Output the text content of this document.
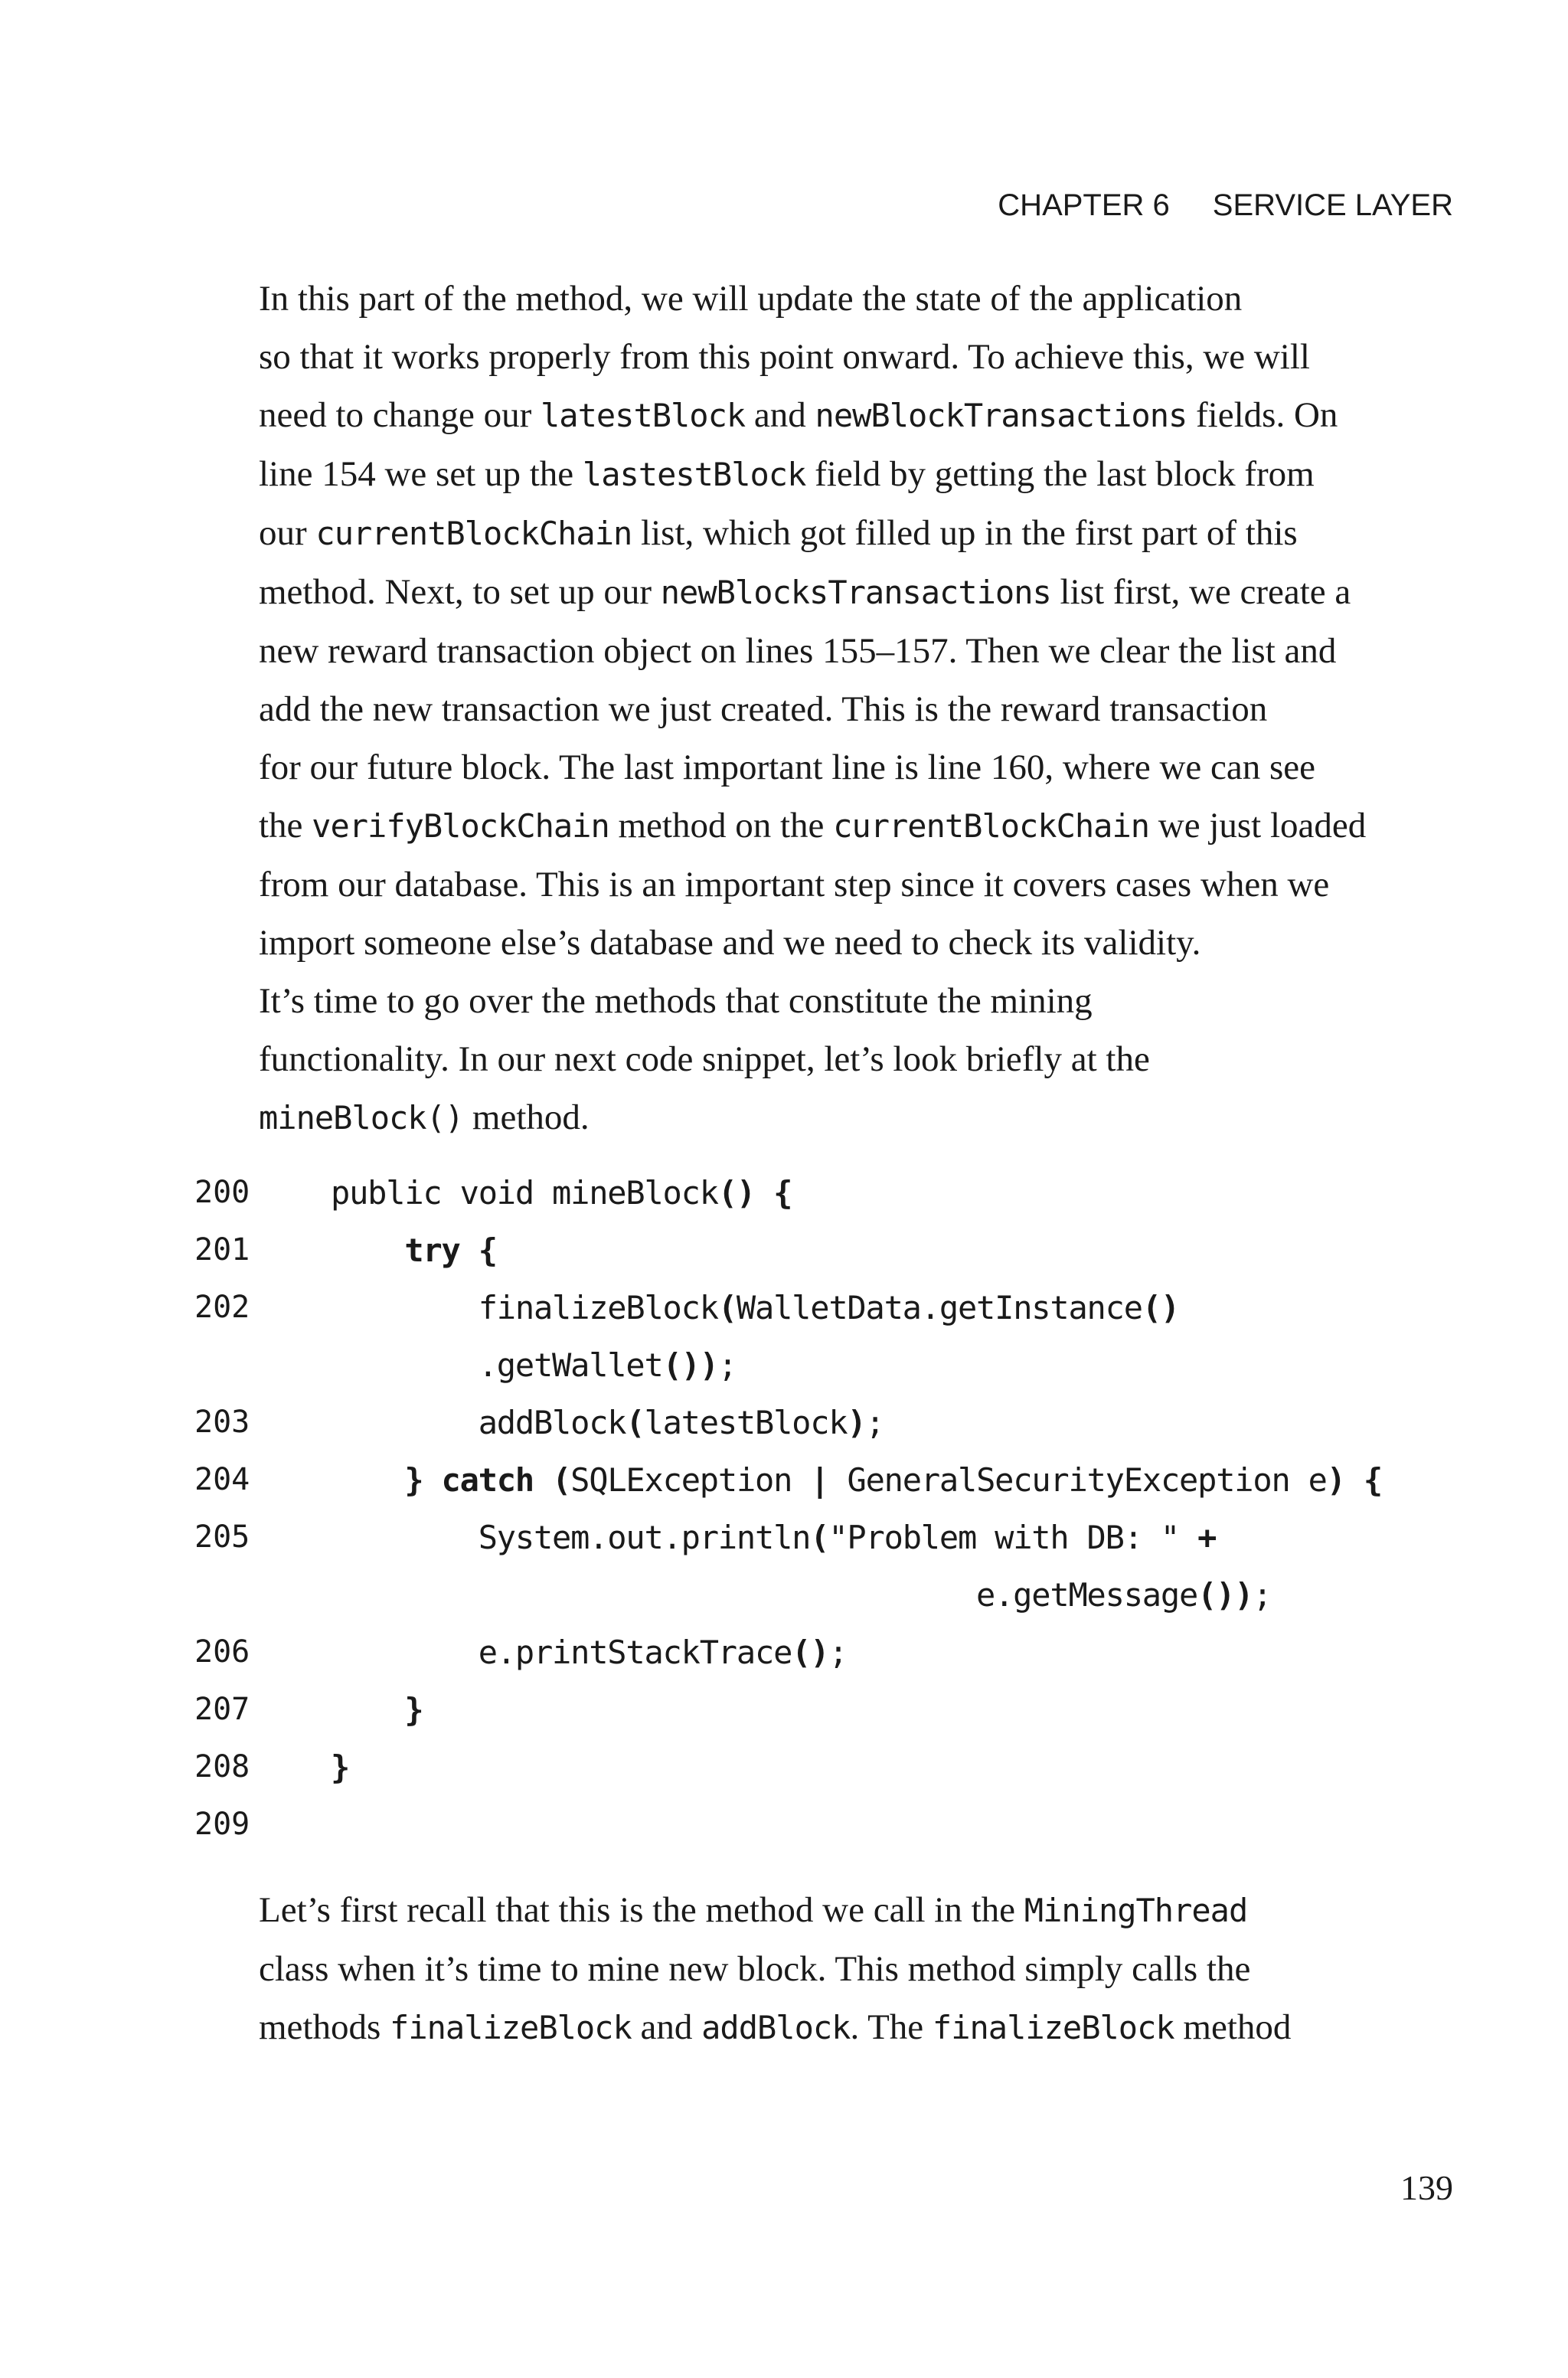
CHAPTER 6 SERVICE LAYER

In this part of the method, we will update the state of the application
so that it works properly from this point onward. To achieve this, we will
need to change our latestBlock and newBlockTransactions fields. On
line 154 we set up the lastestBlock field by getting the last block from
our currentBlockChain list, which got filled up in the first part of this
method. Next, to set up our newBlocksTransactions list first, we create a
new reward transaction object on lines 155–157. Then we clear the list and
add the new transaction we just created. This is the reward transaction
for our future block. The last important line is line 160, where we can see
the verifyBlockChain method on the currentBlockChain we just loaded
from our database. This is an important step since it covers cases when we
import someone else’s database and we need to check its validity.

It’s time to go over the methods that constitute the mining
functionality. In our next code snippet, let’s look briefly at the
mineBlock() method.

200	public void mineBlock() {
201	try {
202	finalizeBlock(WalletData.getInstance()
.getWallet());
203	addBlock(latestBlock);
204	} catch (SQLException | GeneralSecurityException e) {
205	System.out.println("Problem with DB: " +
e.getMessage());
206	e.printStackTrace();
207	}
208	}
209

Let’s first recall that this is the method we call in the MiningThread
class when it’s time to mine new block. This method simply calls the
methods finalizeBlock and addBlock. The finalizeBlock method

139
